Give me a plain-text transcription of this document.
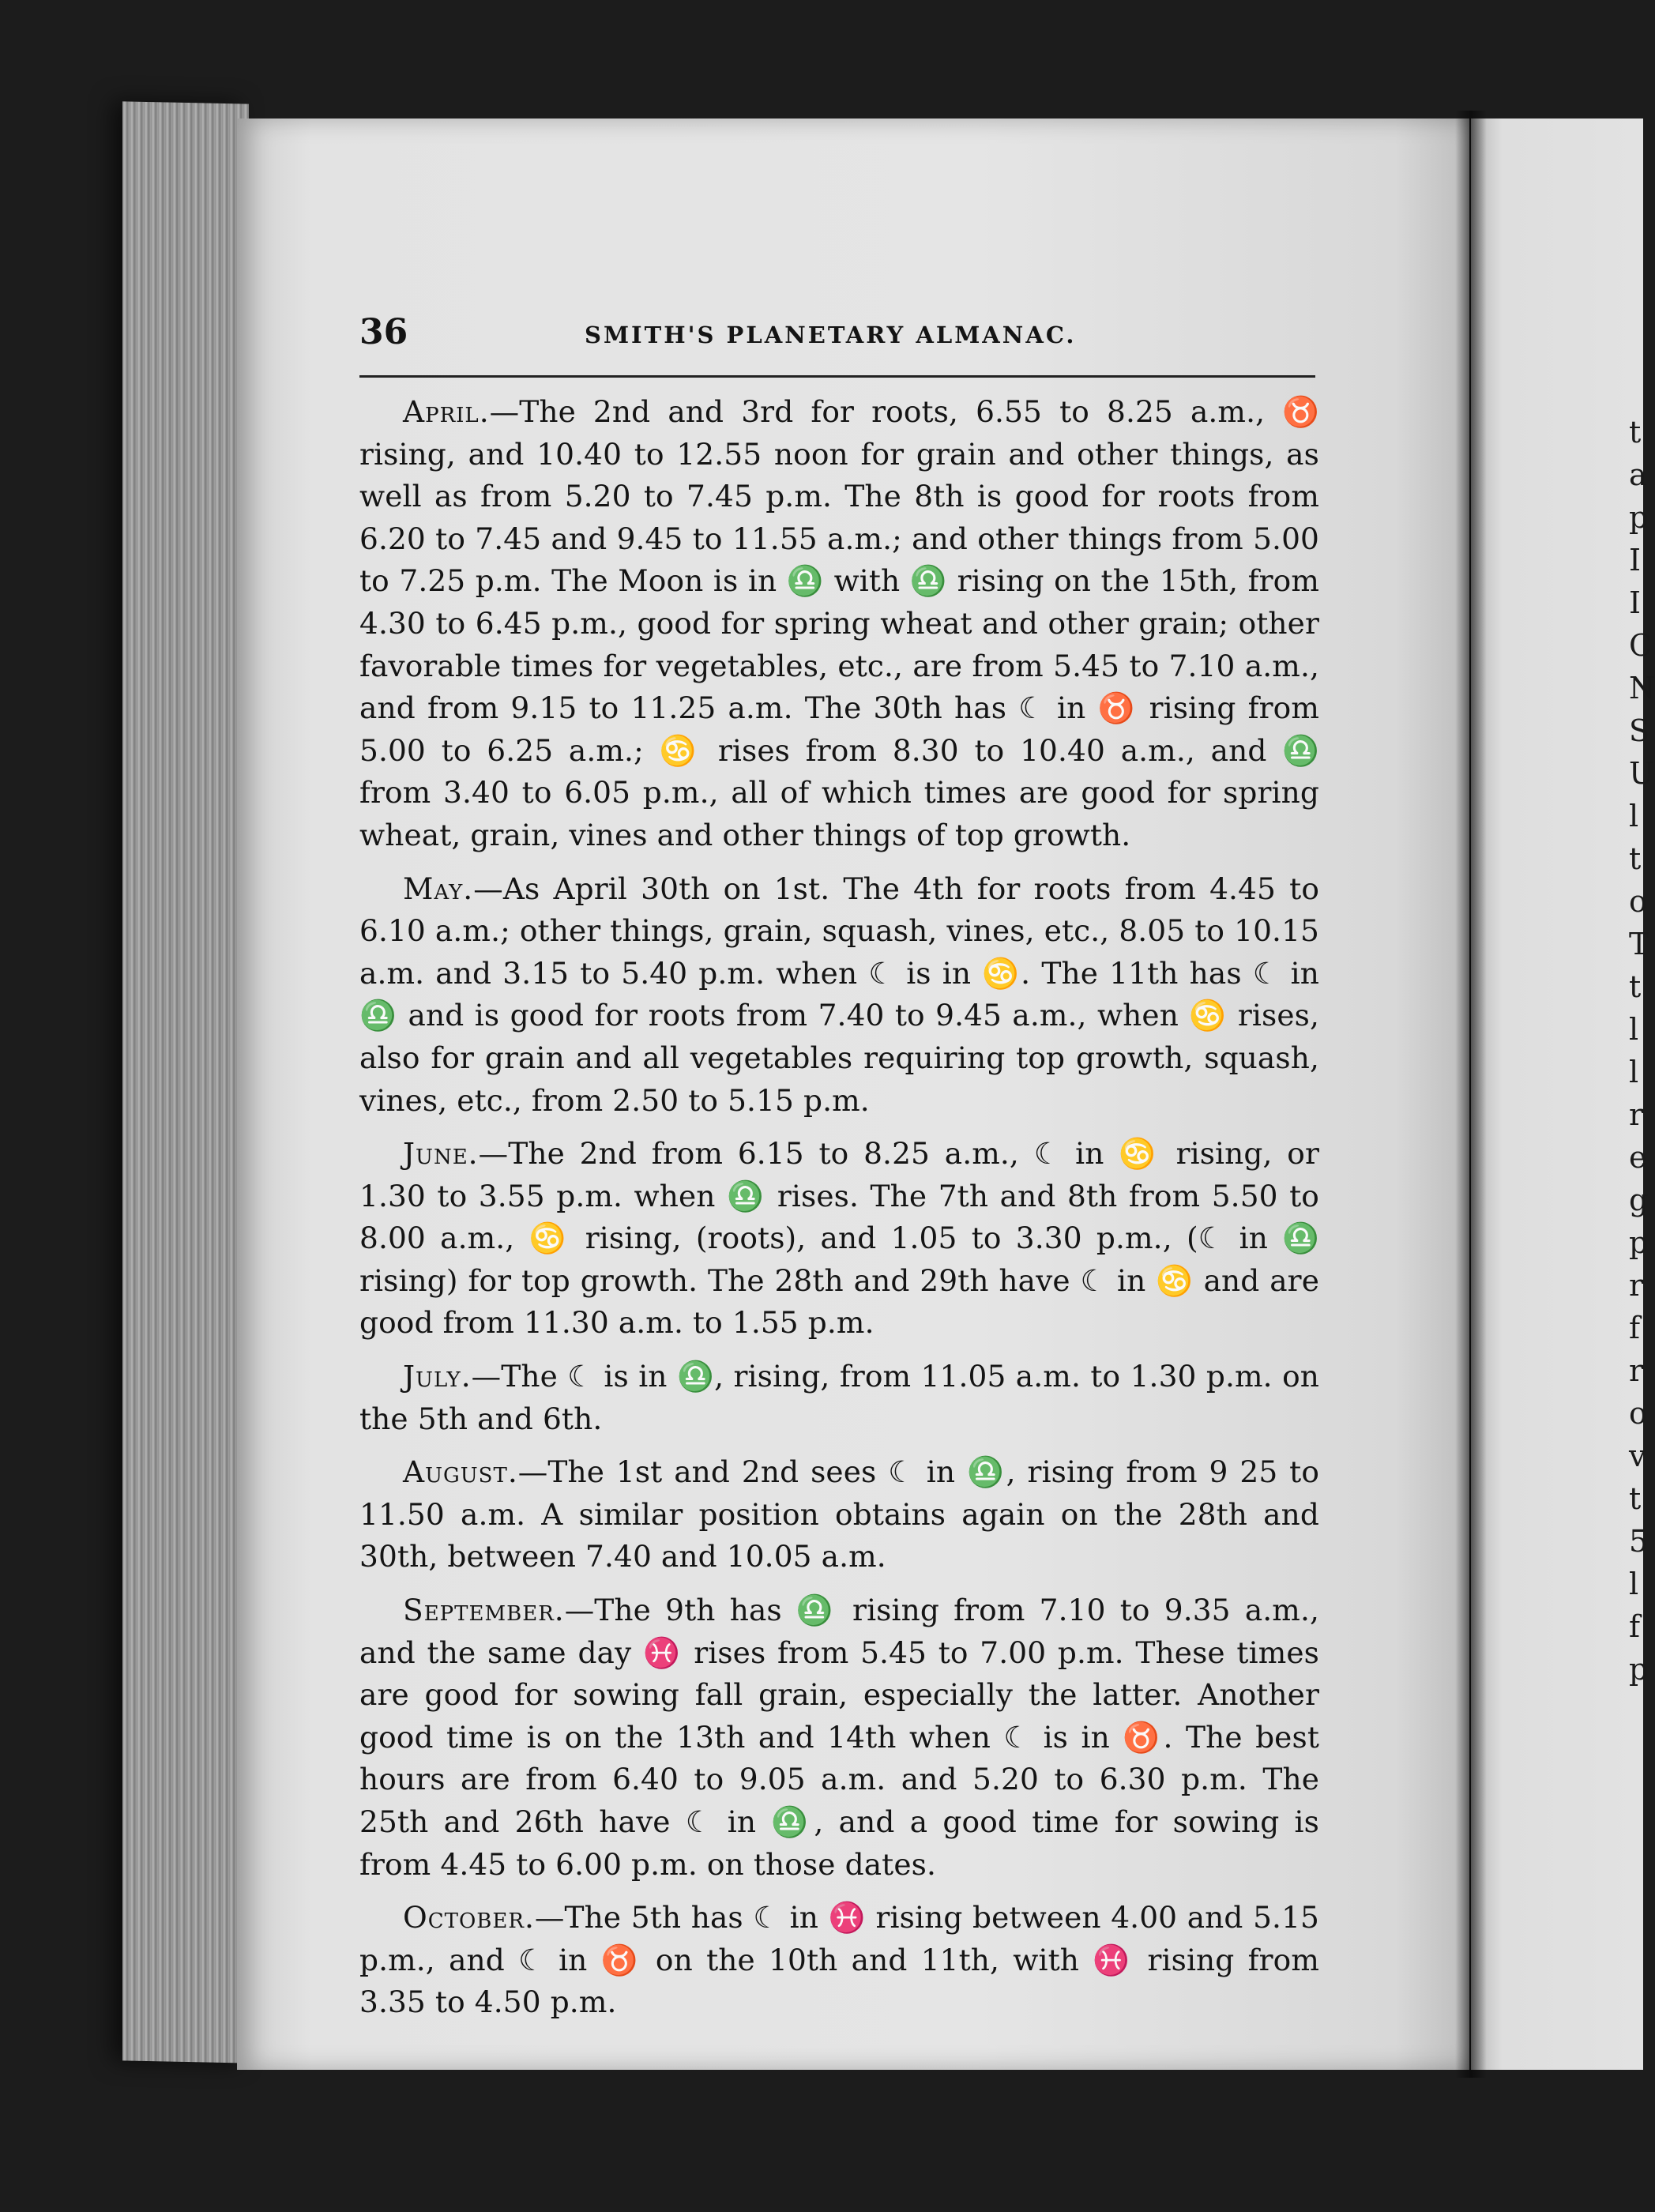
36	SMITH'S PLANETARY ALMANAC.

April.—The 2nd and 3rd for roots, 6.55 to 8.25 a.m., ♉ rising, and 10.40 to 12.55 noon for grain and other things, as well as from 5.20 to 7.45 p.m. The 8th is good for roots from 6.20 to 7.45 and 9.45 to 11.55 a.m.; and other things from 5.00 to 7.25 p.m. The Moon is in ♎ with ♎ rising on the 15th, from 4.30 to 6.45 p.m., good for spring wheat and other grain; other favorable times for vegetables, etc., are from 5.45 to 7.10 a.m., and from 9.15 to 11.25 a.m. The 30th has ☾ in ♉ rising from 5.00 to 6.25 a.m.; ♋ rises from 8.30 to 10.40 a.m., and ♎ from 3.40 to 6.05 p.m., all of which times are good for spring wheat, grain, vines and other things of top growth.

May.—As April 30th on 1st. The 4th for roots from 4.45 to 6.10 a.m.; other things, grain, squash, vines, etc., 8.05 to 10.15 a.m. and 3.15 to 5.40 p.m. when ☾ is in ♋. The 11th has ☾ in ♎ and is good for roots from 7.40 to 9.45 a.m., when ♋ rises, also for grain and all vegetables requiring top growth, squash, vines, etc., from 2.50 to 5.15 p.m.

June.—The 2nd from 6.15 to 8.25 a.m., ☾ in ♋ rising, or 1.30 to 3.55 p.m. when ♎ rises. The 7th and 8th from 5.50 to 8.00 a.m., ♋ rising, (roots), and 1.05 to 3.30 p.m., (☾ in ♎ rising) for top growth. The 28th and 29th have ☾ in ♋ and are good from 11.30 a.m. to 1.55 p.m.

July.—The ☾ is in ♎, rising, from 11.05 a.m. to 1.30 p.m. on the 5th and 6th.

August.—The 1st and 2nd sees ☾ in ♎, rising from 9 25 to 11.50 a.m. A similar position obtains again on the 28th and 30th, between 7.40 and 10.05 a.m.

September.—The 9th has ♎ rising from 7.10 to 9.35 a.m., and the same day ♓ rises from 5.45 to 7.00 p.m. These times are good for sowing fall grain, especially the latter. Another good time is on the 13th and 14th when ☾ is in ♉. The best hours are from 6.40 to 9.05 a.m. and 5.20 to 6.30 p.m. The 25th and 26th have ☾ in ♎, and a good time for sowing is from 4.45 to 6.00 p.m. on those dates.

October.—The 5th has ☾ in ♓ rising between 4.00 and 5.15 p.m., and ☾ in ♉ on the 10th and 11th, with ♓ rising from 3.35 to 4.50 p.m.

t
a
p
I
I
C
N
S
U
l
t
o
T
t
l
l
r
e
g
p
r
f
r
o
v
t
5
l
f
p
